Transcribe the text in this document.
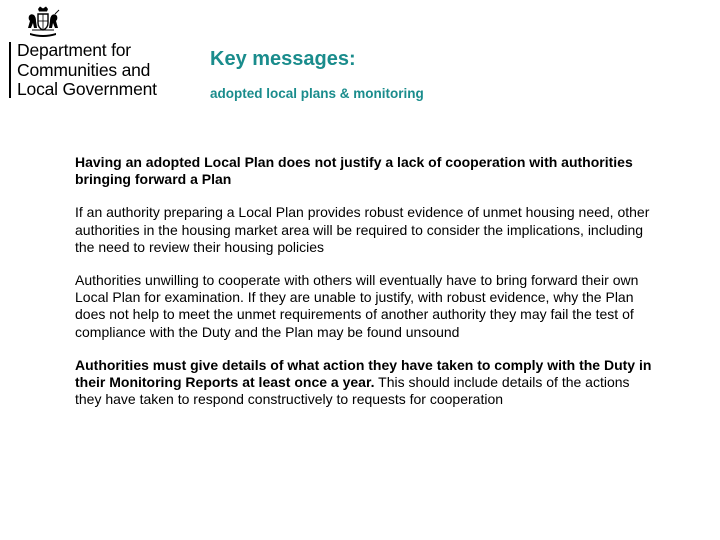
Department for
Communities and
Local Government
Key messages:
adopted local plans & monitoring

Having an adopted Local Plan does not justify a lack of cooperation with authorities bringing forward a Plan

If an authority preparing a Local Plan provides robust evidence of unmet housing need, other authorities in the housing market area will be required to consider the implications, including the need to review their housing policies

Authorities unwilling to cooperate with others will eventually have to bring forward their own Local Plan for examination. If they are unable to justify, with robust evidence, why the Plan does not help to meet the unmet requirements of another authority they may fail the test of compliance with the Duty and the Plan may be found unsound

Authorities must give details of what action they have taken to comply with the Duty in their Monitoring Reports at least once a year. This should include details of the actions they have taken to respond constructively to requests for cooperation
